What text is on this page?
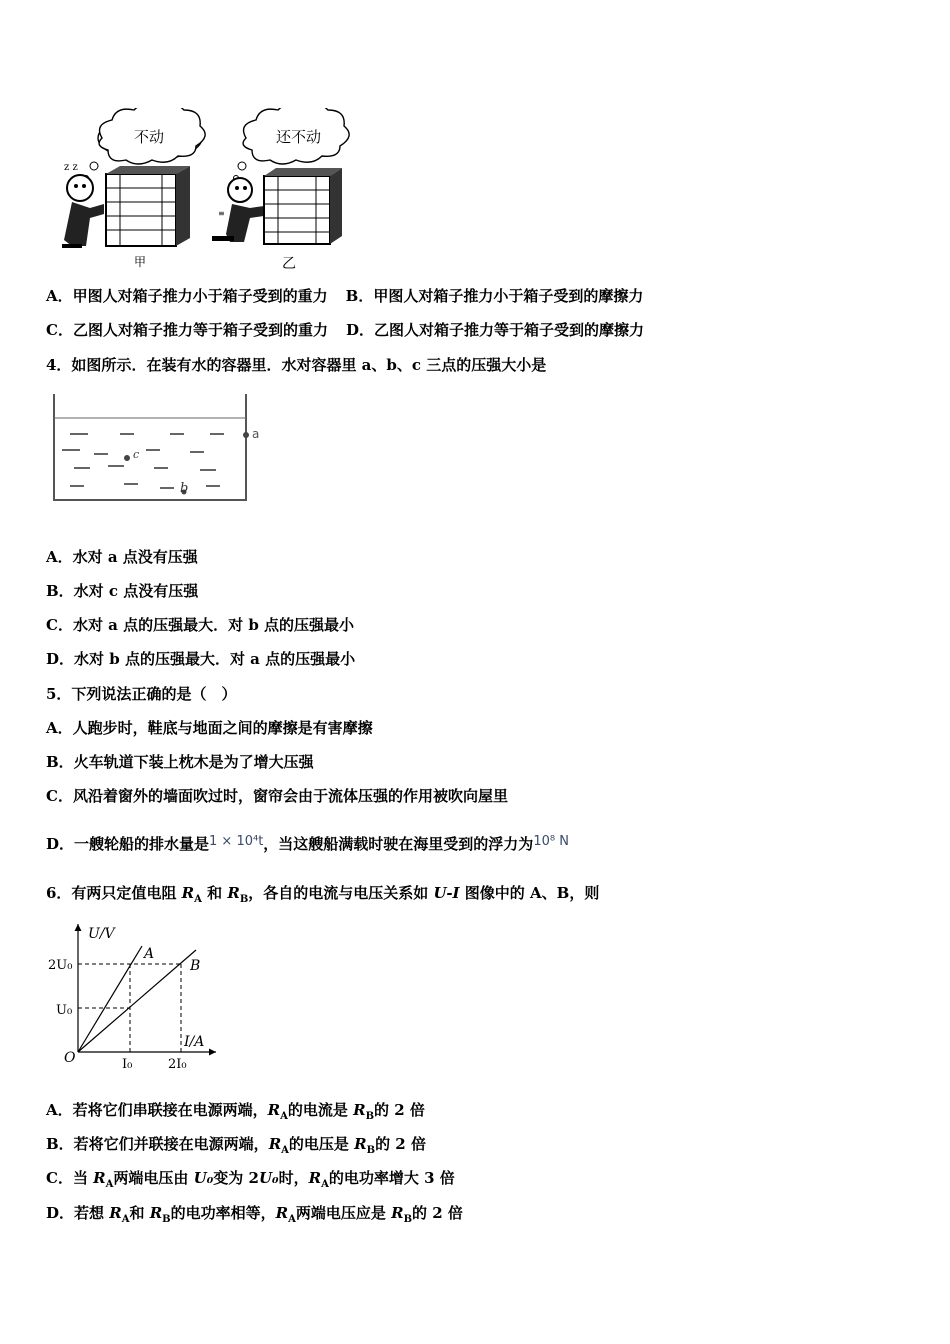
不动	还不动
z z
甲
≡
乙
A．甲图人对箱子推力小于箱子受到的重力 B．甲图人对箱子推力小于箱子受到的摩擦力
C．乙图人对箱子推力等于箱子受到的重力 D．乙图人对箱子推力等于箱子受到的摩擦力
4．如图所示．在装有水的容器里．水对容器里 a、b、c 三点的压强大小是
a
c
b
A．水对 a 点没有压强
B．水对 c 点没有压强
C．水对 a 点的压强最大．对 b 点的压强最小
D．水对 b 点的压强最大．对 a 点的压强最小
5．下列说法正确的是（　）
A．人跑步时，鞋底与地面之间的摩擦是有害摩擦
B．火车轨道下装上枕木是为了增大压强
C．风沿着窗外的墙面吹过时，窗帘会由于流体压强的作用被吹向屋里
D．一艘轮船的排水量是1 × 10⁴t，当这艘船满载时驶在海里受到的浮力为10⁸ N
6．有两只定值电阻 $R_A$ 和 $R_B$，各自的电流与电压关系如 U-I 图像中的 A、B，则
U/V
I/A
A
B
2U₀
U₀
I₀	2I₀
O
A．若将它们串联接在电源两端，$R_A$的电流是 $R_B$的 2 倍
B．若将它们并联接在电源两端，$R_A$的电压是 $R_B$的 2 倍
C．当 $R_A$两端电压由 U₀变为 2U₀时，$R_A$的电功率增大 3 倍
D．若想 $R_A$和 $R_B$的电功率相等，$R_A$两端电压应是 $R_B$的 2 倍
